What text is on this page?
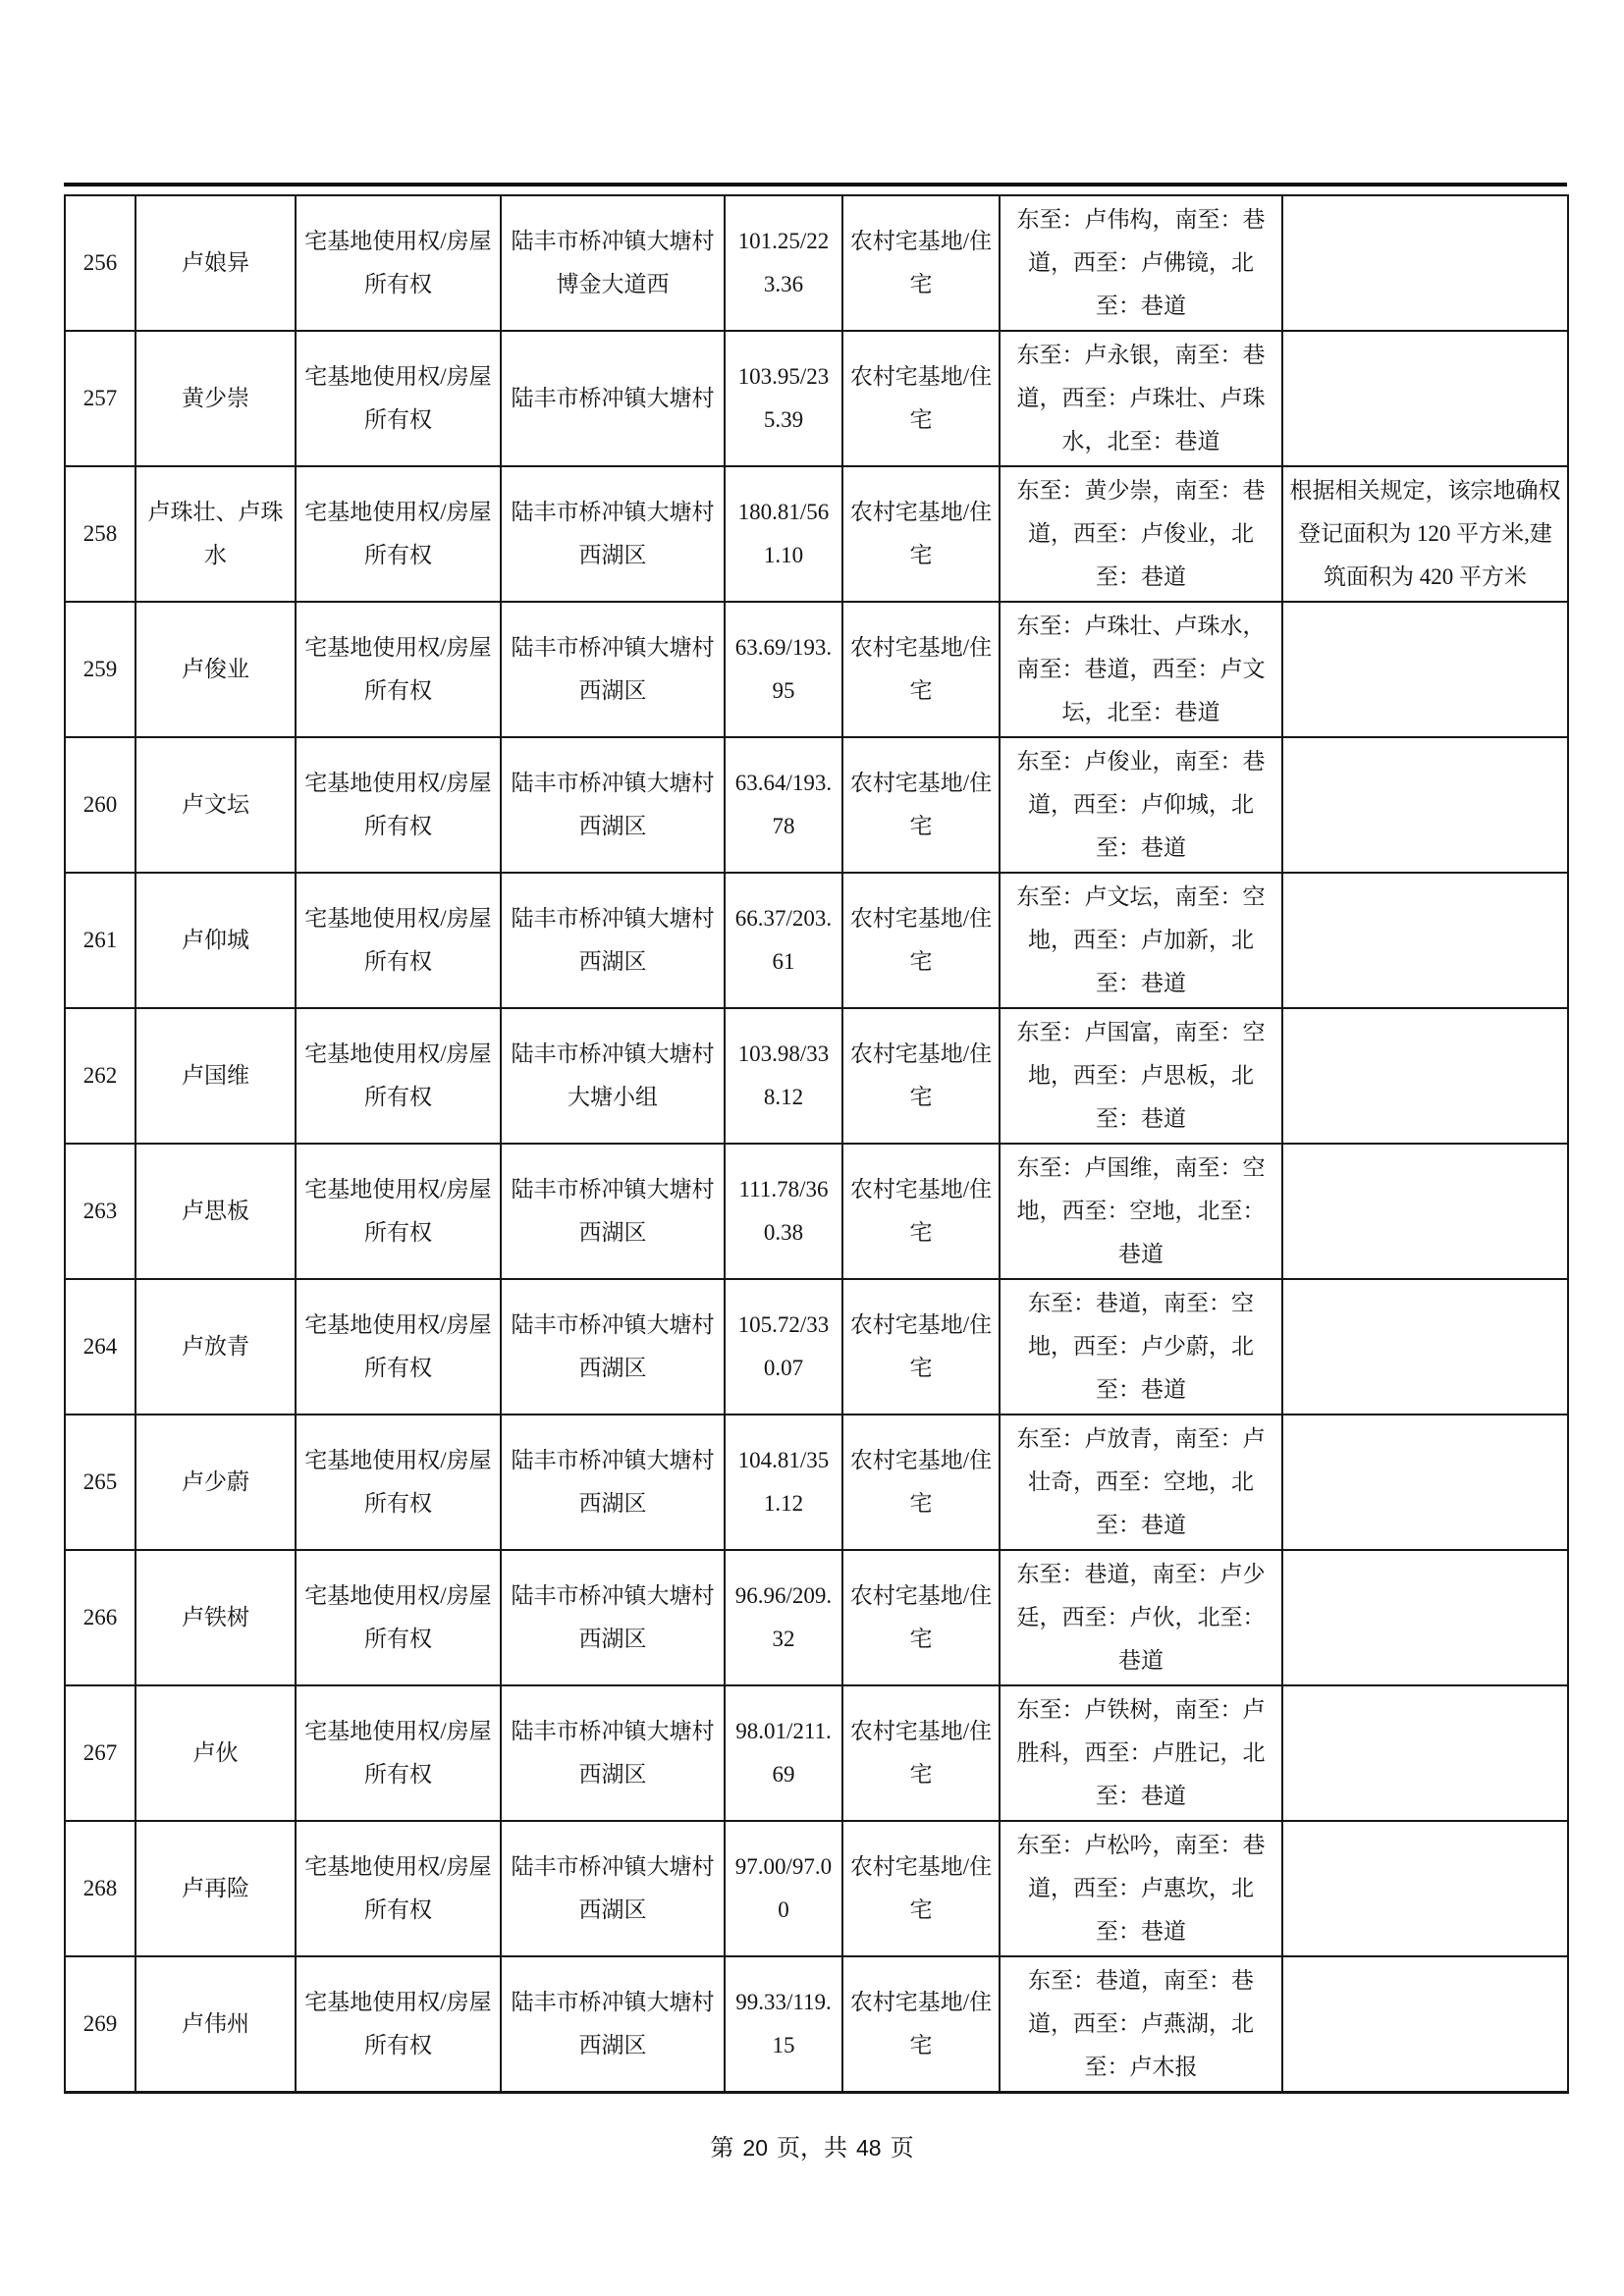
256	卢娘异	宅基地使用权/房屋所有权	陆丰市桥冲镇大塘村博金大道西	101.25/223.36	农村宅基地/住宅	东至：卢伟构，南至：巷道，西至：卢佛镜，北至：巷道	
257	黄少崇	宅基地使用权/房屋所有权	陆丰市桥冲镇大塘村	103.95/235.39	农村宅基地/住宅	东至：卢永银，南至：巷道，西至：卢珠壮、卢珠水，北至：巷道	
258	卢珠壮、卢珠水	宅基地使用权/房屋所有权	陆丰市桥冲镇大塘村西湖区	180.81/561.10	农村宅基地/住宅	东至：黄少崇，南至：巷道，西至：卢俊业，北至：巷道	根据相关规定，该宗地确权登记面积为 120 平方米,建筑面积为 420 平方米
259	卢俊业	宅基地使用权/房屋所有权	陆丰市桥冲镇大塘村西湖区	63.69/193.95	农村宅基地/住宅	东至：卢珠壮、卢珠水，南至：巷道，西至：卢文坛，北至：巷道	
260	卢文坛	宅基地使用权/房屋所有权	陆丰市桥冲镇大塘村西湖区	63.64/193.78	农村宅基地/住宅	东至：卢俊业，南至：巷道，西至：卢仰城，北至：巷道	
261	卢仰城	宅基地使用权/房屋所有权	陆丰市桥冲镇大塘村西湖区	66.37/203.61	农村宅基地/住宅	东至：卢文坛，南至：空地，西至：卢加新，北至：巷道	
262	卢国维	宅基地使用权/房屋所有权	陆丰市桥冲镇大塘村大塘小组	103.98/338.12	农村宅基地/住宅	东至：卢国富，南至：空地，西至：卢思板，北至：巷道	
263	卢思板	宅基地使用权/房屋所有权	陆丰市桥冲镇大塘村西湖区	111.78/360.38	农村宅基地/住宅	东至：卢国维，南至：空地，西至：空地，北至：巷道	
264	卢放青	宅基地使用权/房屋所有权	陆丰市桥冲镇大塘村西湖区	105.72/330.07	农村宅基地/住宅	东至：巷道，南至：空地，西至：卢少蔚，北至：巷道	
265	卢少蔚	宅基地使用权/房屋所有权	陆丰市桥冲镇大塘村西湖区	104.81/351.12	农村宅基地/住宅	东至：卢放青，南至：卢壮奇，西至：空地，北至：巷道	
266	卢铁树	宅基地使用权/房屋所有权	陆丰市桥冲镇大塘村西湖区	96.96/209.32	农村宅基地/住宅	东至：巷道，南至：卢少廷，西至：卢伙，北至：巷道	
267	卢伙	宅基地使用权/房屋所有权	陆丰市桥冲镇大塘村西湖区	98.01/211.69	农村宅基地/住宅	东至：卢铁树，南至：卢胜科，西至：卢胜记，北至：巷道	
268	卢再险	宅基地使用权/房屋所有权	陆丰市桥冲镇大塘村西湖区	97.00/97.00	农村宅基地/住宅	东至：卢松吟，南至：巷道，西至：卢惠坎，北至：巷道	
269	卢伟州	宅基地使用权/房屋所有权	陆丰市桥冲镇大塘村西湖区	99.33/119.15	农村宅基地/住宅	东至：巷道，南至：巷道，西至：卢燕湖，北至：卢木报	
第 20 页，共 48 页
